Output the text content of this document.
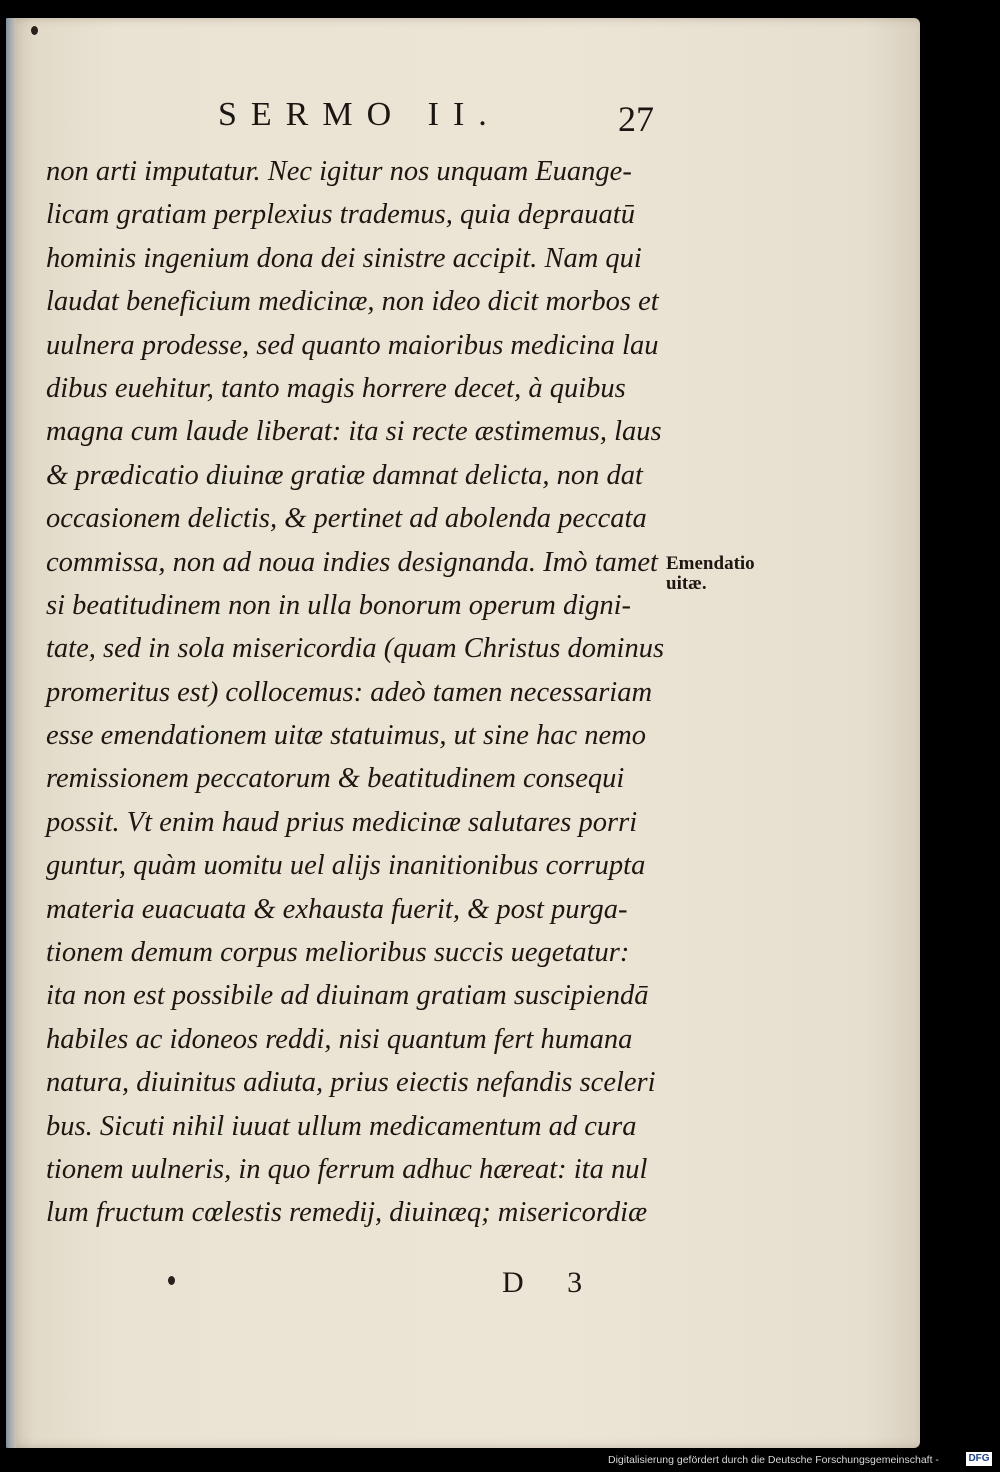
SERMO II.	27
non arti imputatur. Nec igitur nos unquam Euange-
licam gratiam perplexius trademus, quia deprauatū
hominis ingenium dona dei sinistre accipit. Nam qui
laudat beneficium medicinæ, non ideo dicit morbos et
uulnera prodesse, sed quanto maioribus medicina lau
dibus euehitur, tanto magis horrere decet, à quibus
magna cum laude liberat: ita si recte æstimemus, laus
& prædicatio diuinæ gratiæ damnat delicta, non dat
occasionem delictis, & pertinet ad abolenda peccata
commissa, non ad noua indies designanda. Imò tamet
si beatitudinem non in ulla bonorum operum digni-
tate, sed in sola misericordia (quam Christus dominus
promeritus est) collocemus: adeò tamen necessariam
esse emendationem uitæ statuimus, ut sine hac nemo
remissionem peccatorum & beatitudinem consequi
possit. Vt enim haud prius medicinæ salutares porri
guntur, quàm uomitu uel alijs inanitionibus corrupta
materia euacuata & exhausta fuerit, & post purga-
tionem demum corpus melioribus succis uegetatur:
ita non est possibile ad diuinam gratiam suscipiendā
habiles ac idoneos reddi, nisi quantum fert humana
natura, diuinitus adiuta, prius eiectis nefandis sceleri
bus. Sicuti nihil iuuat ullum medicamentum ad cura
tionem uulneris, in quo ferrum adhuc hæreat: ita nul
lum fructum cœlestis remedij, diuinæq; misericordiæ
Emendatio
uitæ.
D 3
Digitalisierung gefördert durch die Deutsche Forschungsgemeinschaft -	DFG
